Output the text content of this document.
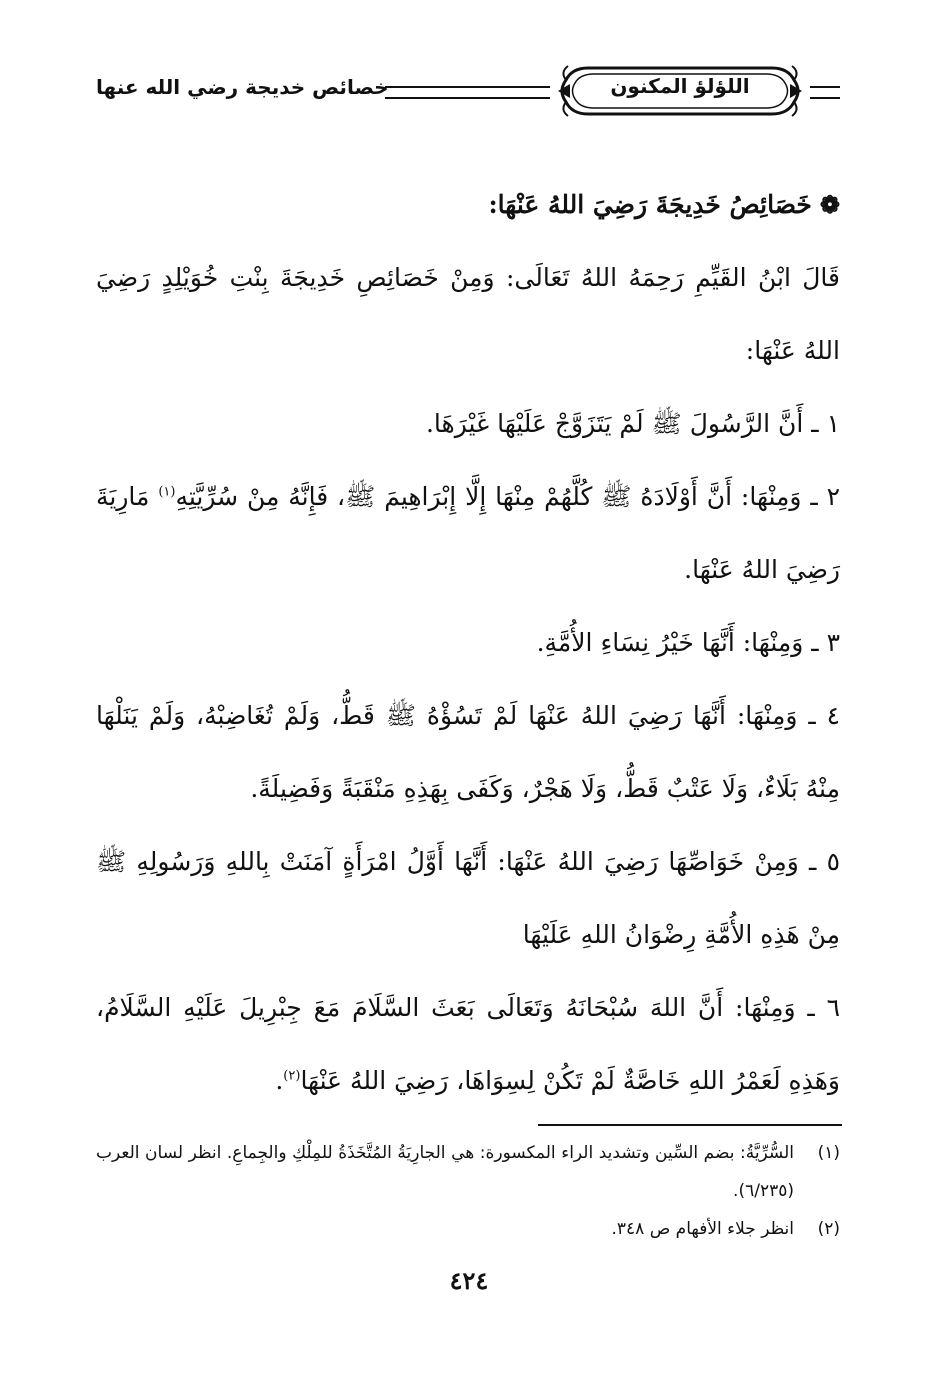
اللؤلؤ المكنون
خصائص خديجة رضي الله عنها

❁خَصَائِصُ خَدِيجَةَ رَضِيَ اللهُ عَنْهَا:

قَالَ ابْنُ القَيِّمِ رَحِمَهُ اللهُ تَعَالَى: وَمِنْ خَصَائِصِ خَدِيجَةَ بِنْتِ خُوَيْلِدٍ رَضِيَ اللهُ عَنْهَا:

١ ـ أَنَّ الرَّسُولَ ﷺ لَمْ يَتَزَوَّجْ عَلَيْهَا غَيْرَهَا.

٢ ـ وَمِنْهَا: أَنَّ أَوْلَادَهُ ﷺ كُلَّهُمْ مِنْهَا إِلَّا إِبْرَاهِيمَ ﷺ، فَإِنَّهُ مِنْ سُرِّيَّتِهِ$^{(١)}$ مَارِيَةَ رَضِيَ اللهُ عَنْهَا.

٣ ـ وَمِنْهَا: أَنَّهَا خَيْرُ نِسَاءِ الأُمَّةِ.

٤ ـ وَمِنْهَا: أَنَّهَا رَضِيَ اللهُ عَنْهَا لَمْ تَسُؤْهُ ﷺ قَطُّ، وَلَمْ تُغَاضِبْهُ، وَلَمْ يَنَلْهَا مِنْهُ بَلَاءٌ، وَلَا عَتْبٌ قَطُّ، وَلَا هَجْرٌ، وَكَفَى بِهَذِهِ مَنْقَبَةً وَفَضِيلَةً.

٥ ـ وَمِنْ خَوَاصِّهَا رَضِيَ اللهُ عَنْهَا: أَنَّهَا أَوَّلُ امْرَأَةٍ آمَنَتْ بِاللهِ وَرَسُولِهِ ﷺ مِنْ هَذِهِ الأُمَّةِ رِضْوَانُ اللهِ عَلَيْهَا

٦ ـ وَمِنْهَا: أَنَّ اللهَ سُبْحَانَهُ وَتَعَالَى بَعَثَ السَّلَامَ مَعَ جِبْرِيلَ عَلَيْهِ السَّلَامُ، وَهَذِهِ لَعَمْرُ اللهِ خَاصَّةٌ لَمْ تَكُنْ لِسِوَاهَا، رَضِيَ اللهُ عَنْهَا$^{(٢)}$.

(١)
السُّرِّيَّةُ: بضم السِّين وتشديد الراء المكسورة: هي الجارِيَةُ المُتَّخَذَةُ للمِلْكِ والجِماعِ. انظر لسان العرب (٦/٢٣٥).
(٢)
انظر جلاء الأفهام ص ٣٤٨.
٤٢٤
